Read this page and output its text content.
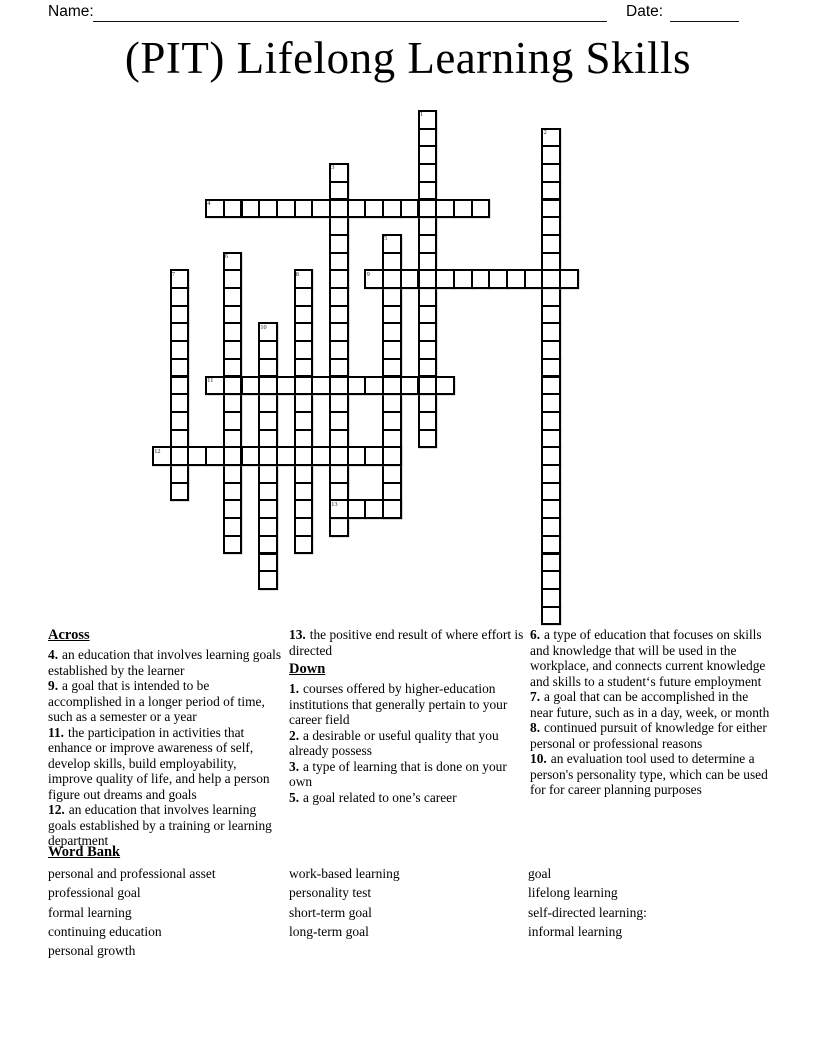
Name:	Date:
(PIT) Lifelong Learning Skills
1
2
3
4
5
6
7	8	9
10
11
12
13
Across

4. an education that involves learning goals established by the learner

9. a goal that is intended to be accomplished in a longer period of time, such as a semester or a year

11. the participation in activities that enhance or improve awareness of self, develop skills, build employability, improve quality of life, and help a person figure out dreams and goals

12. an education that involves learning goals established by a training or learning department

13. the positive end result of where effort is directed

Down

1. courses offered by higher-education institutions that generally pertain to your career field

2. a desirable or useful quality that you already possess

3. a type of learning that is done on your own

5. a goal related to one’s career

6. a type of education that focuses on skills and knowledge that will be used in the workplace, and connects current knowledge and skills to a student‘s future employment

7. a goal that can be accomplished in the near future, such as in a day, week, or month

8. continued pursuit of knowledge for either personal or professional reasons

10. an evaluation tool used to determine a person's personality type, which can be used for for career planning purposes

Word Bank

personal and professional asset

professional goal

formal learning

continuing education

personal growth

work-based learning

personality test

short-term goal

long-term goal

goal

lifelong learning

self-directed learning:

informal learning
